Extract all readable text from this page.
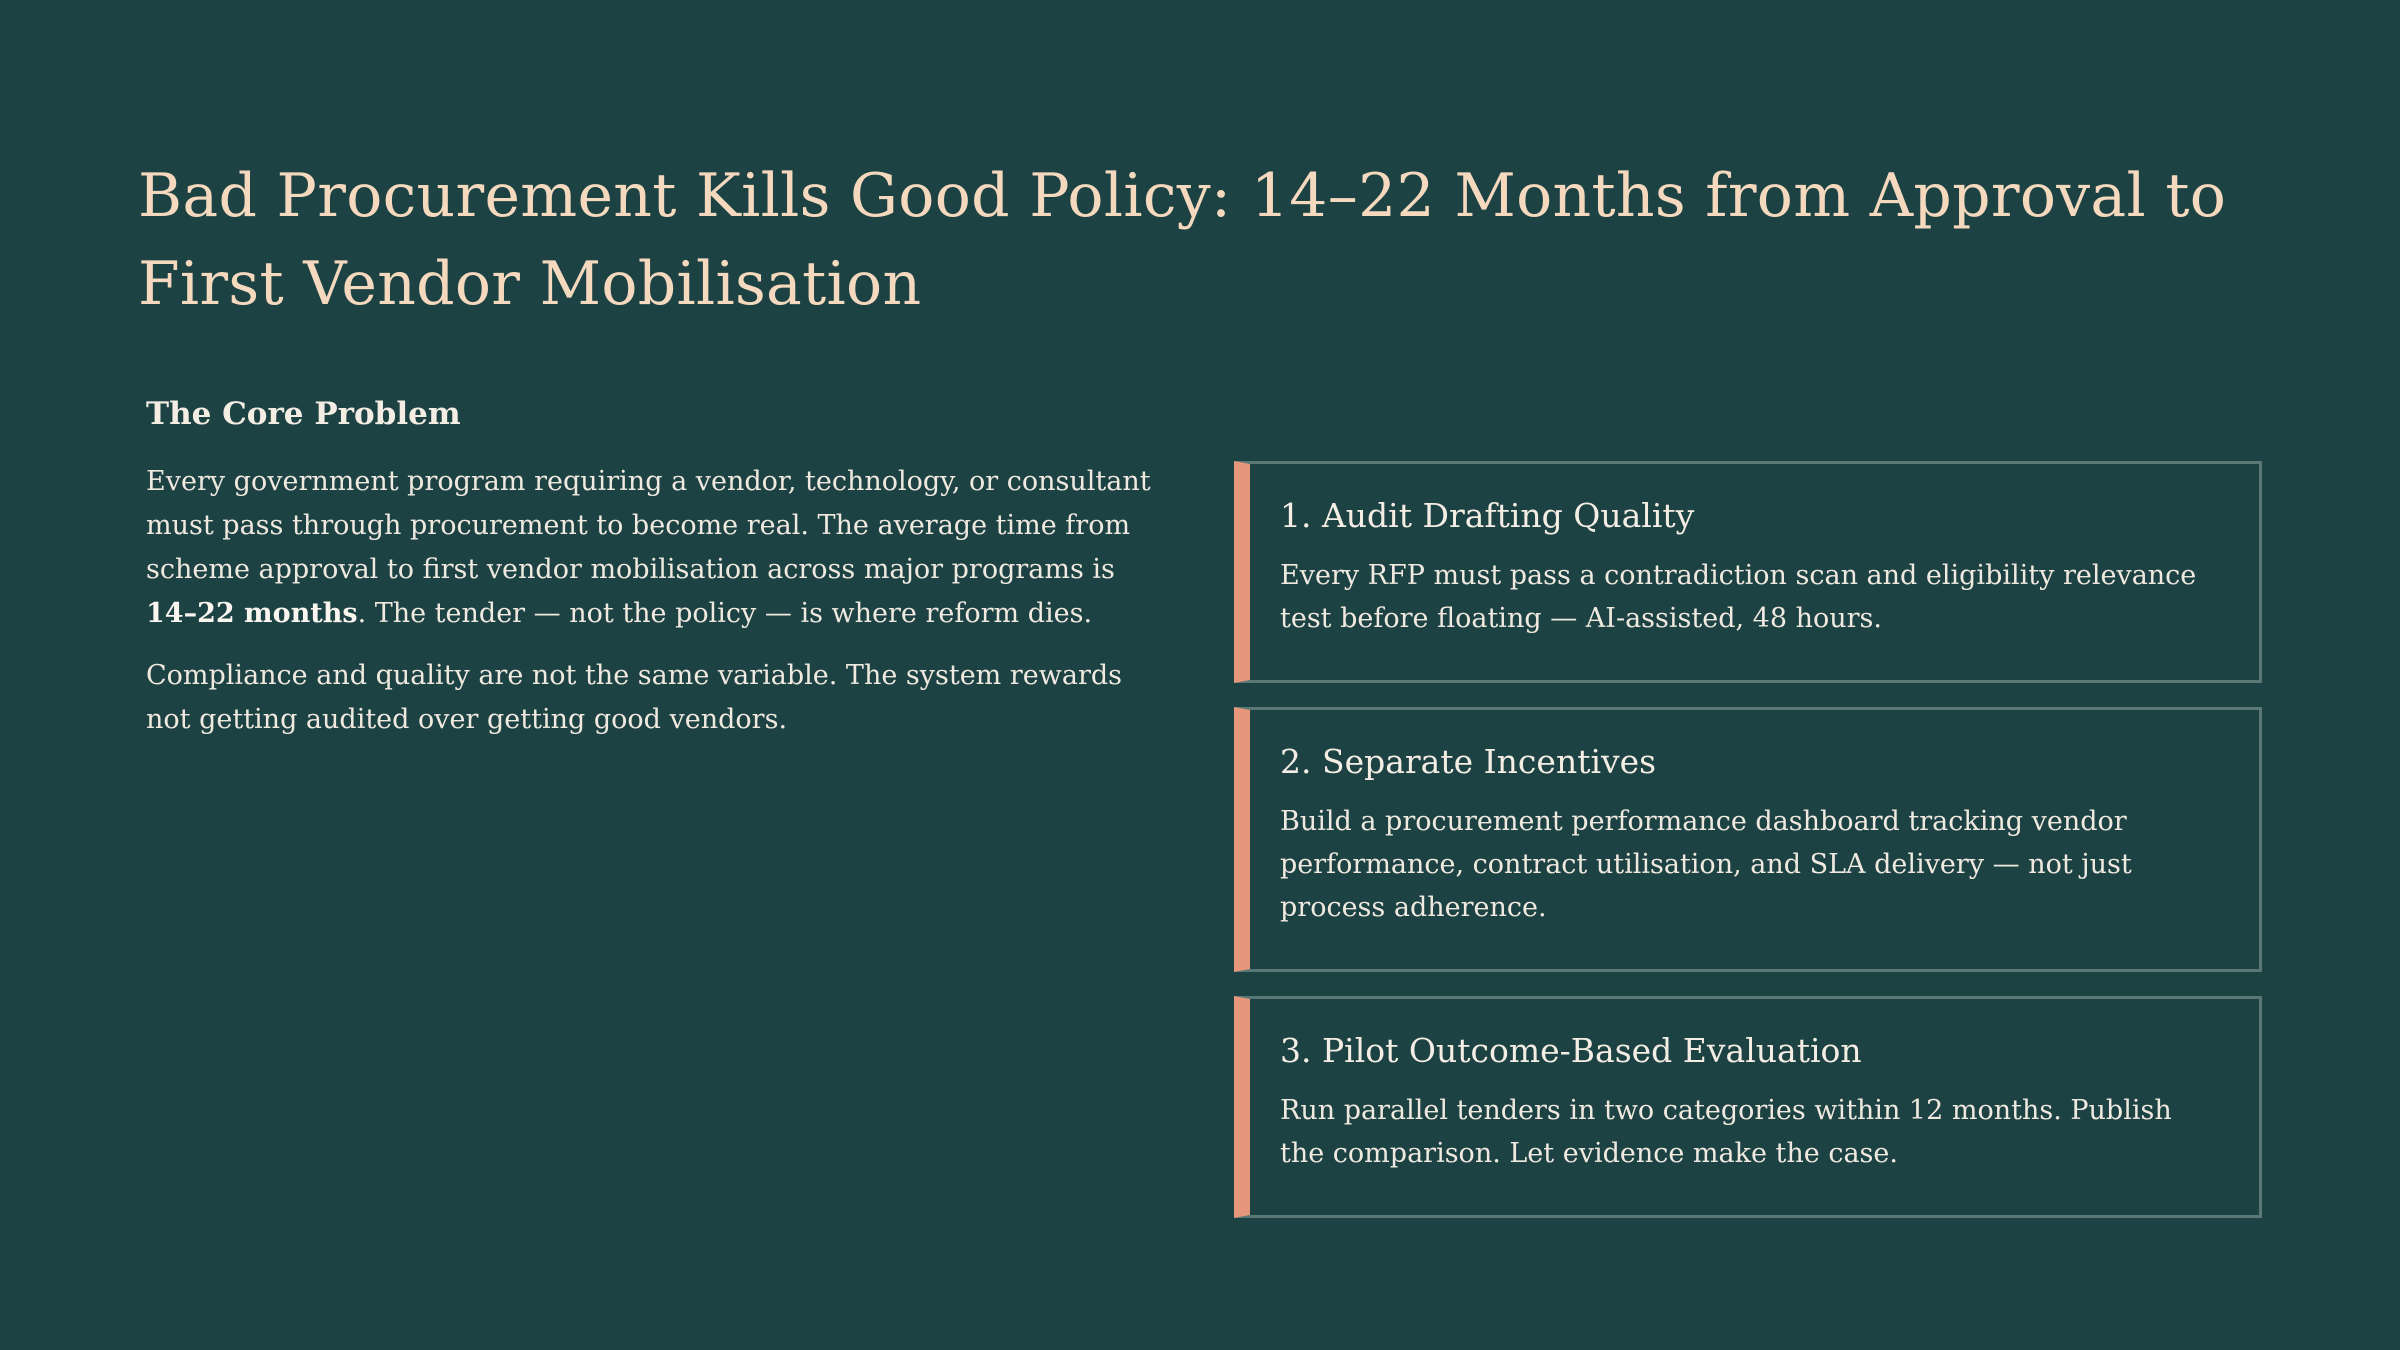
Bad Procurement Kills Good Policy: 14–22 Months from Approval to First Vendor Mobilisation
The Core Problem

Every government program requiring a vendor, technology, or consultant must pass through procurement to become real. The average time from scheme approval to first vendor mobilisation across major programs is 14–22 months. The tender — not the policy — is where reform dies.

Compliance and quality are not the same variable. The system rewards not getting audited over getting good vendors.

1. Audit Drafting Quality

Every RFP must pass a contradiction scan and eligibility relevance test before floating — AI-assisted, 48 hours.

2. Separate Incentives

Build a procurement performance dashboard tracking vendor performance, contract utilisation, and SLA delivery — not just process adherence.

3. Pilot Outcome-Based Evaluation

Run parallel tenders in two categories within 12 months. Publish the comparison. Let evidence make the case.
